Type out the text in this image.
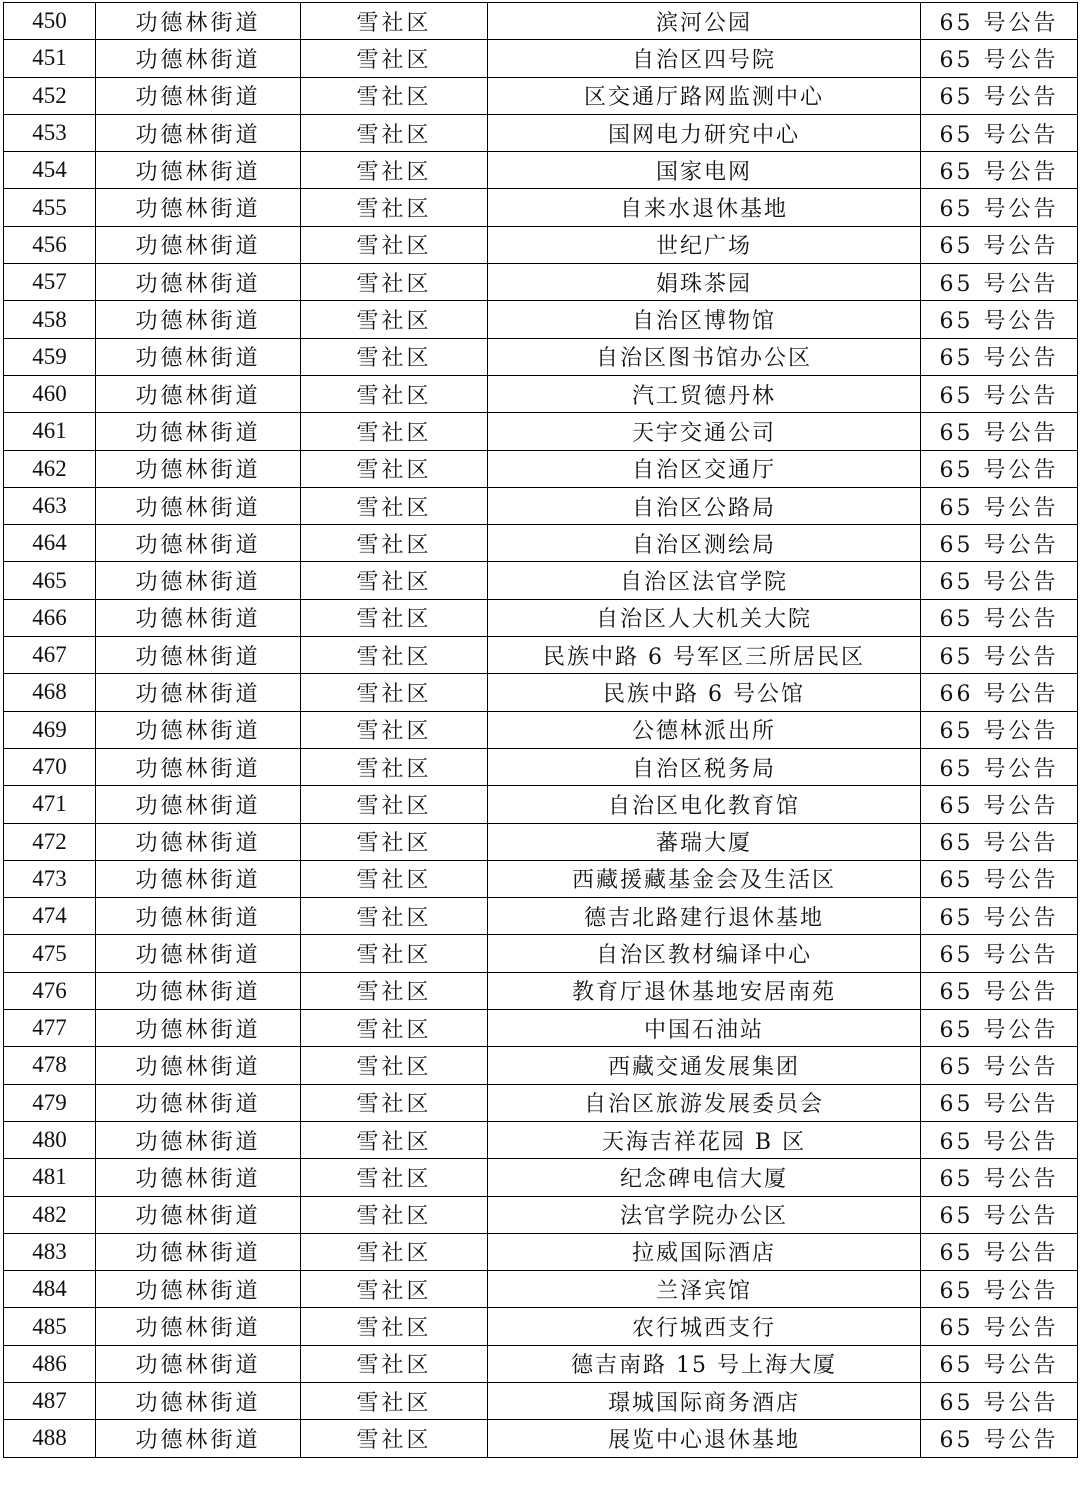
450	功德林街道	雪社区	滨河公园	65 号公告
451	功德林街道	雪社区	自治区四号院	65 号公告
452	功德林街道	雪社区	区交通厅路网监测中心	65 号公告
453	功德林街道	雪社区	国网电力研究中心	65 号公告
454	功德林街道	雪社区	国家电网	65 号公告
455	功德林街道	雪社区	自来水退休基地	65 号公告
456	功德林街道	雪社区	世纪广场	65 号公告
457	功德林街道	雪社区	娟珠茶园	65 号公告
458	功德林街道	雪社区	自治区博物馆	65 号公告
459	功德林街道	雪社区	自治区图书馆办公区	65 号公告
460	功德林街道	雪社区	汽工贸德丹林	65 号公告
461	功德林街道	雪社区	天宇交通公司	65 号公告
462	功德林街道	雪社区	自治区交通厅	65 号公告
463	功德林街道	雪社区	自治区公路局	65 号公告
464	功德林街道	雪社区	自治区测绘局	65 号公告
465	功德林街道	雪社区	自治区法官学院	65 号公告
466	功德林街道	雪社区	自治区人大机关大院	65 号公告
467	功德林街道	雪社区	民族中路 6 号军区三所居民区	65 号公告
468	功德林街道	雪社区	民族中路 6 号公馆	66 号公告
469	功德林街道	雪社区	公德林派出所	65 号公告
470	功德林街道	雪社区	自治区税务局	65 号公告
471	功德林街道	雪社区	自治区电化教育馆	65 号公告
472	功德林街道	雪社区	蕃瑞大厦	65 号公告
473	功德林街道	雪社区	西藏援藏基金会及生活区	65 号公告
474	功德林街道	雪社区	德吉北路建行退休基地	65 号公告
475	功德林街道	雪社区	自治区教材编译中心	65 号公告
476	功德林街道	雪社区	教育厅退休基地安居南苑	65 号公告
477	功德林街道	雪社区	中国石油站	65 号公告
478	功德林街道	雪社区	西藏交通发展集团	65 号公告
479	功德林街道	雪社区	自治区旅游发展委员会	65 号公告
480	功德林街道	雪社区	天海吉祥花园 B 区	65 号公告
481	功德林街道	雪社区	纪念碑电信大厦	65 号公告
482	功德林街道	雪社区	法官学院办公区	65 号公告
483	功德林街道	雪社区	拉威国际酒店	65 号公告
484	功德林街道	雪社区	兰泽宾馆	65 号公告
485	功德林街道	雪社区	农行城西支行	65 号公告
486	功德林街道	雪社区	德吉南路 15 号上海大厦	65 号公告
487	功德林街道	雪社区	璟城国际商务酒店	65 号公告
488	功德林街道	雪社区	展览中心退休基地	65 号公告
